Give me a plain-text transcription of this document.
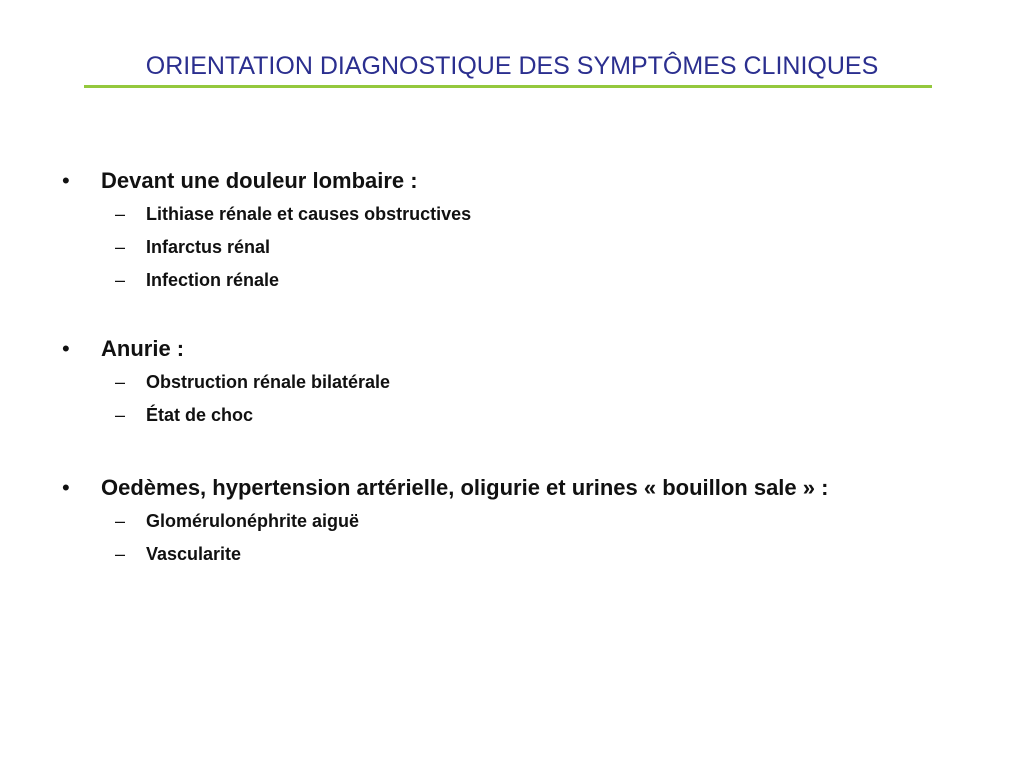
ORIENTATION DIAGNOSTIQUE DES SYMPTÔMES CLINIQUES
• Devant une douleur lombaire :
– Lithiase rénale et causes obstructives
– Infarctus rénal
– Infection rénale
• Anurie :
– Obstruction rénale bilatérale
– État de choc
• Oedèmes, hypertension artérielle, oligurie et urines « bouillon sale » :
– Glomérulonéphrite aiguë
– Vascularite
